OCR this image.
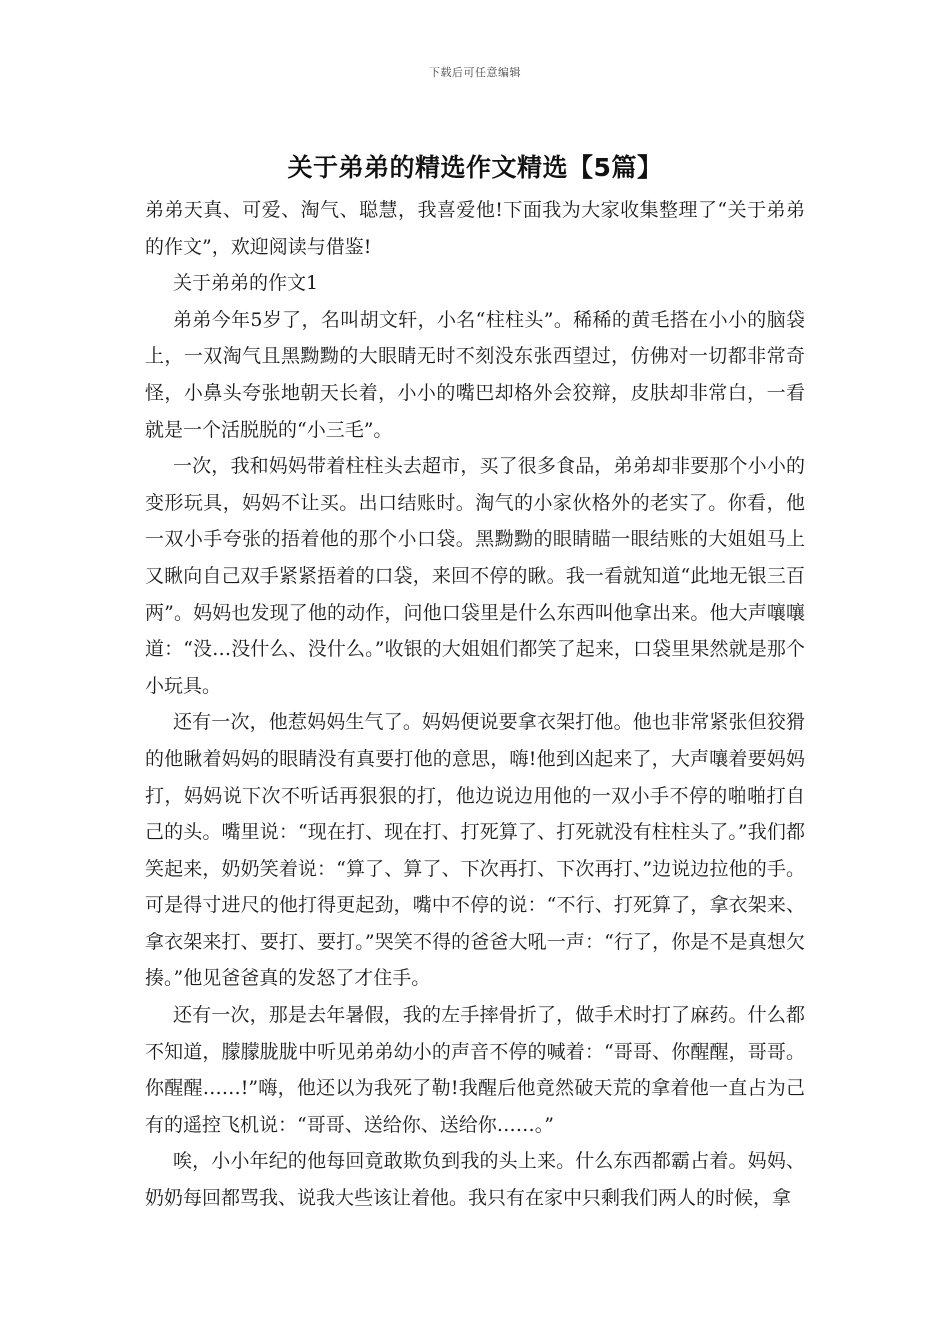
下载后可任意编辑
关于弟弟的精选作文精选【5篇】

弟弟天真、可爱、淘气、聪慧，我喜爱他!下面我为大家收集整理了“关于弟弟的作文”，欢迎阅读与借鉴!

关于弟弟的作文1

弟弟今年5岁了，名叫胡文轩，小名“柱柱头”。稀稀的黄毛搭在小小的脑袋上，一双淘气且黑黝黝的大眼睛无时不刻没东张西望过，仿佛对一切都非常奇怪，小鼻头夸张地朝天长着，小小的嘴巴却格外会狡辩，皮肤却非常白，一看就是一个活脱脱的“小三毛”。

一次，我和妈妈带着柱柱头去超市，买了很多食品，弟弟却非要那个小小的变形玩具，妈妈不让买。出口结账时。淘气的小家伙格外的老实了。你看，他一双小手夸张的捂着他的那个小口袋。黑黝黝的眼睛瞄一眼结账的大姐姐马上又瞅向自己双手紧紧捂着的口袋，来回不停的瞅。我一看就知道“此地无银三百两”。妈妈也发现了他的动作，问他口袋里是什么东西叫他拿出来。他大声嚷嚷道：“没…没什么、没什么。”收银的大姐姐们都笑了起来，口袋里果然就是那个小玩具。

还有一次，他惹妈妈生气了。妈妈便说要拿衣架打他。他也非常紧张但狡猾的他瞅着妈妈的眼睛没有真要打他的意思，嗨!他到凶起来了，大声嚷着要妈妈打，妈妈说下次不听话再狠狠的打，他边说边用他的一双小手不停的啪啪打自己的头。嘴里说：“现在打、现在打、打死算了、打死就没有柱柱头了。”我们都笑起来，奶奶笑着说：“算了、算了、下次再打、下次再打、”边说边拉他的手。可是得寸进尺的他打得更起劲，嘴中不停的说：“不行、打死算了，拿衣架来、拿衣架来打、要打、要打。”哭笑不得的爸爸大吼一声：“行了，你是不是真想欠揍。”他见爸爸真的发怒了才住手。

还有一次，那是去年暑假，我的左手摔骨折了，做手术时打了麻药。什么都不知道，朦朦胧胧中听见弟弟幼小的声音不停的喊着：“哥哥、你醒醒，哥哥。你醒醒……!”嗨，他还以为我死了勒!我醒后他竟然破天荒的拿着他一直占为己有的遥控飞机说：“哥哥、送给你、送给你……。”

唉，小小年纪的他每回竟敢欺负到我的头上来。什么东西都霸占着。妈妈、奶奶每回都骂我、说我大些该让着他。我只有在家中只剩我们两人的时候，拿
